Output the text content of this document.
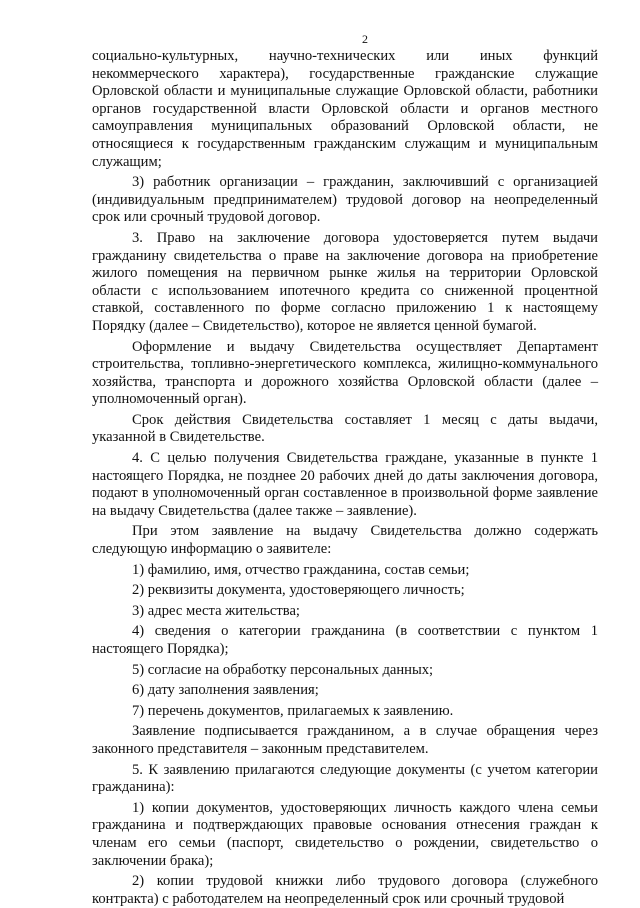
2

социально-культурных, научно-технических или иных функций некоммерческого характера), государственные гражданские служащие Орловской области и муниципальные служащие Орловской области, работники органов государственной власти Орловской области и органов местного самоуправления муниципальных образований Орловской области, не относящиеся к государственным гражданским служащим и муниципальным служащим;

3) работник организации – гражданин, заключивший с организацией (индивидуальным предпринимателем) трудовой договор на неопределенный срок или срочный трудовой договор.

3. Право на заключение договора удостоверяется путем выдачи гражданину свидетельства о праве на заключение договора на приобретение жилого помещения на первичном рынке жилья на территории Орловской области с использованием ипотечного кредита со сниженной процентной ставкой, составленного по форме согласно приложению 1 к настоящему Порядку (далее – Свидетельство), которое не является ценной бумагой.

Оформление и выдачу Свидетельства осуществляет Департамент строительства, топливно-энергетического комплекса, жилищно-коммунального хозяйства, транспорта и дорожного хозяйства Орловской области (далее – уполномоченный орган).

Срок действия Свидетельства составляет 1 месяц с даты выдачи, указанной в Свидетельстве.

4. С целью получения Свидетельства граждане, указанные в пункте 1 настоящего Порядка, не позднее 20 рабочих дней до даты заключения договора, подают в уполномоченный орган составленное в произвольной форме заявление на выдачу Свидетельства (далее также – заявление).

При этом заявление на выдачу Свидетельства должно содержать следующую информацию о заявителе:

1) фамилию, имя, отчество гражданина, состав семьи;

2) реквизиты документа, удостоверяющего личность;

3) адрес места жительства;

4) сведения о категории гражданина (в соответствии с пунктом 1 настоящего Порядка);

5) согласие на обработку персональных данных;

6) дату заполнения заявления;

7) перечень документов, прилагаемых к заявлению.

Заявление подписывается гражданином, а в случае обращения через законного представителя – законным представителем.

5. К заявлению прилагаются следующие документы (с учетом категории гражданина):

1) копии документов, удостоверяющих личность каждого члена семьи гражданина и подтверждающих правовые основания отнесения граждан к членам его семьи (паспорт, свидетельство о рождении, свидетельство о заключении брака);

2) копии трудовой книжки либо трудового договора (служебного контракта) с работодателем на неопределенный срок или срочный трудовой
